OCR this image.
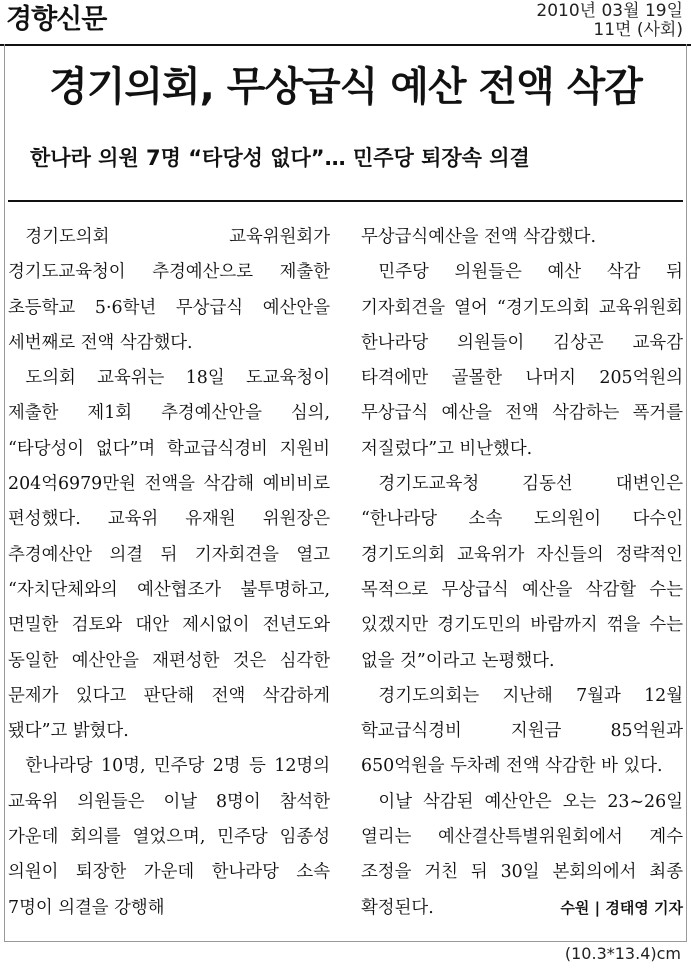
경향신문	2010년 03월 19일
11면 (사회)
경기의회, 무상급식 예산 전액 삭감
한나라 의원 7명 “타당성 없다”… 민주당 퇴장속 의결

경기도의회 교육위원회가 경기도교육청이 추경예산으로 제출한 초등학교 5·6학년 무상급식 예산안을 세번째로 전액 삭감했다.

도의회 교육위는 18일 도교육청이 제출한 제1회 추경예산안을 심의, “타당성이 없다”며 학교급식경비 지원비 204억6979만원 전액을 삭감해 예비비로 편성했다. 교육위 유재원 위원장은 추경예산안 의결 뒤 기자회견을 열고 “자치단체와의 예산협조가 불투명하고, 면밀한 검토와 대안 제시없이 전년도와 동일한 예산안을 재편성한 것은 심각한 문제가 있다고 판단해 전액 삭감하게 됐다”고 밝혔다.

한나라당 10명, 민주당 2명 등 12명의 교육위 의원들은 이날 8명이 참석한 가운데 회의를 열었으며, 민주당 임종성 의원이 퇴장한 가운데 한나라당 소속 7명이 의결을 강행해

무상급식예산을 전액 삭감했다.

민주당 의원들은 예산 삭감 뒤 기자회견을 열어 “경기도의회 교육위원회 한나라당 의원들이 김상곤 교육감 타격에만 골몰한 나머지 205억원의 무상급식 예산을 전액 삭감하는 폭거를 저질렀다”고 비난했다.

경기도교육청 김동선 대변인은 “한나라당 소속 도의원이 다수인 경기도의회 교육위가 자신들의 정략적인 목적으로 무상급식 예산을 삭감할 수는 있겠지만 경기도민의 바람까지 꺾을 수는 없을 것”이라고 논평했다.

경기도의회는 지난해 7월과 12월 학교급식경비 지원금 85억원과 650억원을 두차례 전액 삭감한 바 있다.

이날 삭감된 예산안은 오는 23~26일 열리는 예산결산특별위원회에서 계수 조정을 거친 뒤 30일 본회의에서 최종 확정된다.	수원 | 경태영 기자

(10.3*13.4)cm
